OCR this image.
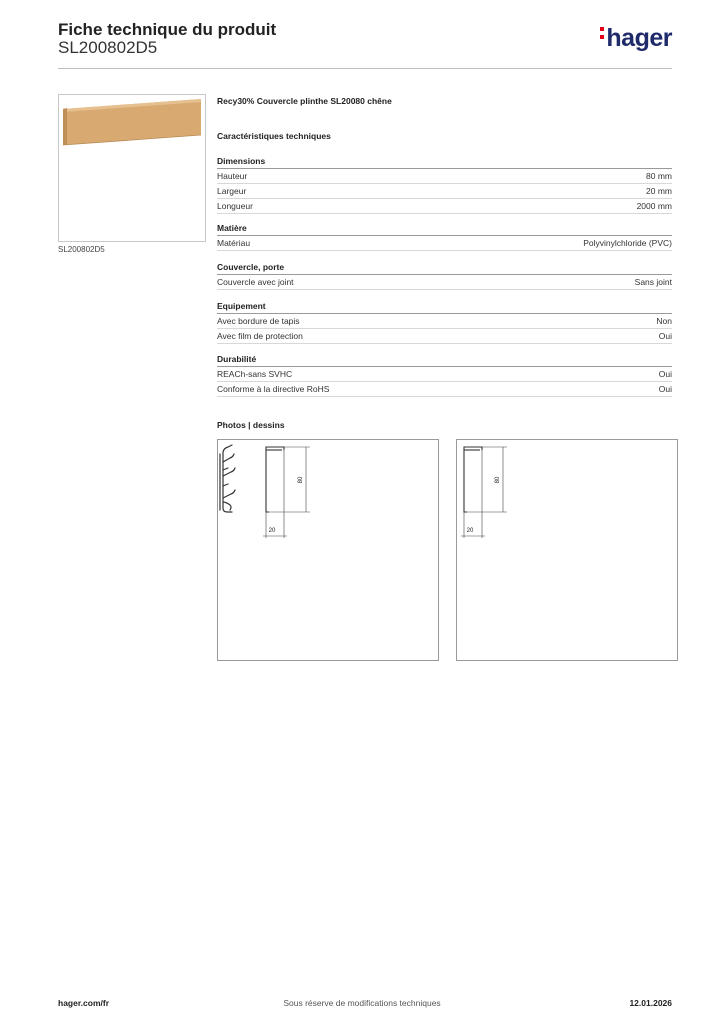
Fiche technique du produit
SL200802D5	hager
SL200802D5
Recy30% Couvercle plinthe SL20080 chêne
Caractéristiques techniques
Dimensions
Hauteur	80 mm
Largeur	20 mm
Longueur	2000 mm
Matière
Matériau	Polyvinylchloride (PVC)
Couvercle, porte
Couvercle avec joint	Sans joint
Equipement
Avec bordure de tapis	Non
Avec film de protection	Oui
Durabilité
REACh-sans SVHC	Oui
Conforme à la directive RoHS	Oui
Photos | dessins
80
20
80
20
hager.com/fr	Sous réserve de modifications techniques	12.01.2026
